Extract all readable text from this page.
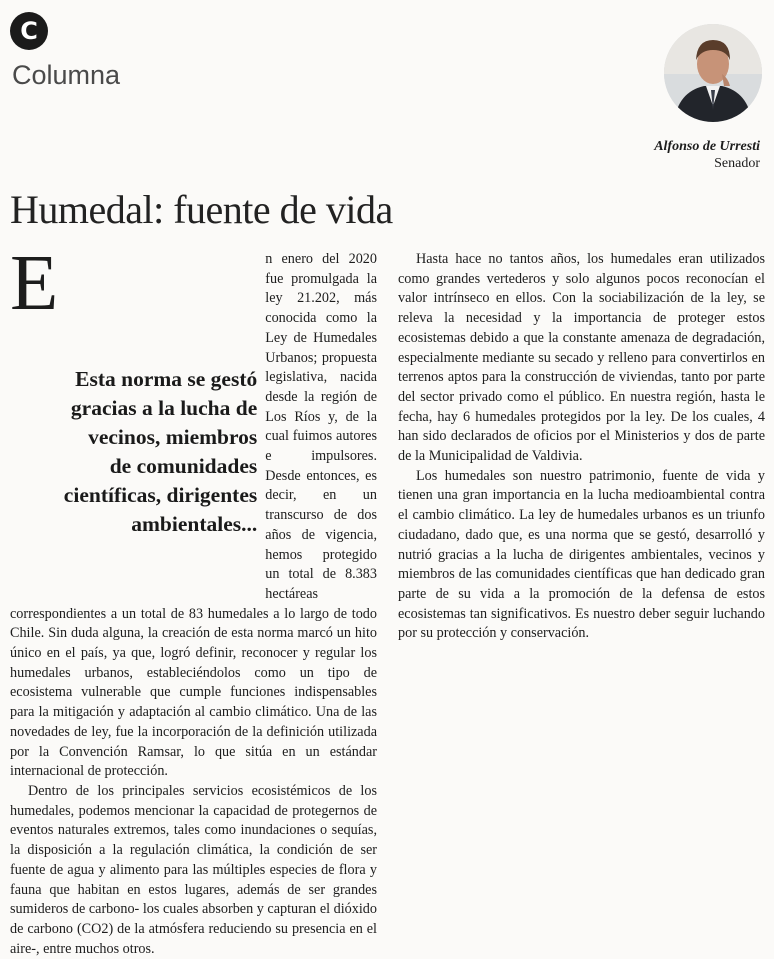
C
Columna
Alfonso de Urresti
Senador
Humedal: fuente de vida

E
Esta norma se gestó gracias a la lucha de vecinos, miembros de comunidades científicas, dirigentes ambientales...
n enero del 2020 fue promulgada la ley 21.202, más conocida como la Ley de Humedales Urbanos; propuesta legislativa, nacida desde la región de Los Ríos y, de la cual fuimos autores e impulsores. Desde entonces, es decir, en un transcurso de dos años de vigencia, hemos protegido un total de 8.383 hectáreas correspondientes a un total de 83 humedales a lo largo de todo Chile. Sin duda alguna, la creación de esta norma marcó un hito único en el país, ya que, logró definir, reconocer y regular los humedales urbanos, estableciéndolos como un tipo de ecosistema vulnerable que cumple funciones indispensables para la mitigación y adaptación al cambio climático. Una de las novedades de ley, fue la incorporación de la definición utilizada por la Convención Ramsar, lo que sitúa en un estándar internacional de protección.

Dentro de los principales servicios ecosistémicos de los humedales, podemos mencionar la capacidad de protegernos de eventos naturales extremos, tales como inundaciones o sequías, la disposición a la regulación climática, la condición de ser fuente de agua y alimento para las múltiples especies de flora y fauna que habitan en estos lugares, además de ser grandes sumideros de carbono- los cuales absorben y capturan el dióxido de carbono (CO2) de la atmósfera reduciendo su presencia en el aire-, entre muchos otros.

Hasta hace no tantos años, los humedales eran utilizados como grandes vertederos y solo algunos pocos reconocían el valor intrínseco en ellos. Con la sociabilización de la ley, se releva la necesidad y la importancia de proteger estos ecosistemas debido a que la constante amenaza de degradación, especialmente mediante su secado y relleno para convertirlos en terrenos aptos para la construcción de viviendas, tanto por parte del sector privado como el público. En nuestra región, hasta le fecha, hay 6 humedales protegidos por la ley. De los cuales, 4 han sido declarados de oficios por el Ministerios y dos de parte de la Municipalidad de Valdivia.

Los humedales son nuestro patrimonio, fuente de vida y tienen una gran importancia en la lucha medioambiental contra el cambio climático. La ley de humedales urbanos es un triunfo ciudadano, dado que, es una norma que se gestó, desarrolló y nutrió gracias a la lucha de dirigentes ambientales, vecinos y miembros de las comunidades científicas que han dedicado gran parte de su vida a la promoción de la defensa de estos ecosistemas tan significativos. Es nuestro deber seguir luchando por su protección y conservación.
